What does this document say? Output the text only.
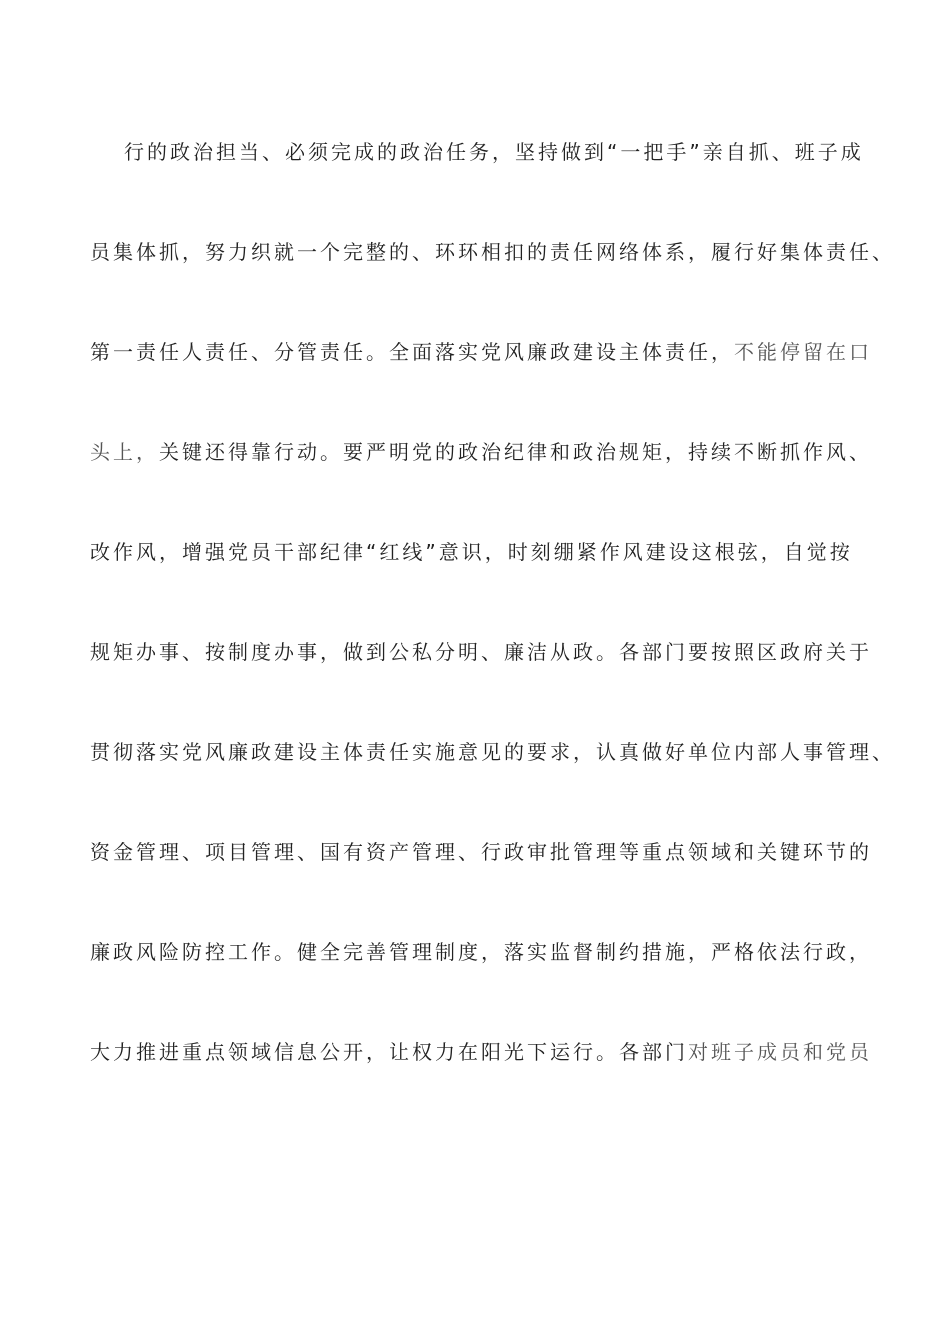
行的政治担当、必须完成的政治任务，坚持做到“一把手”亲自抓、班子成
员集体抓，努力织就一个完整的、环环相扣的责任网络体系，履行好集体责任、
第一责任人责任、分管责任。全面落实党风廉政建设主体责任，不能停留在口
头上，关键还得靠行动。要严明党的政治纪律和政治规矩，持续不断抓作风、
改作风，增强党员干部纪律“红线”意识，时刻绷紧作风建设这根弦，自觉按
规矩办事、按制度办事，做到公私分明、廉洁从政。各部门要按照区政府关于
贯彻落实党风廉政建设主体责任实施意见的要求，认真做好单位内部人事管理、
资金管理、项目管理、国有资产管理、行政审批管理等重点领域和关键环节的
廉政风险防控工作。健全完善管理制度，落实监督制约措施，严格依法行政，
大力推进重点领域信息公开，让权力在阳光下运行。各部门对班子成员和党员
